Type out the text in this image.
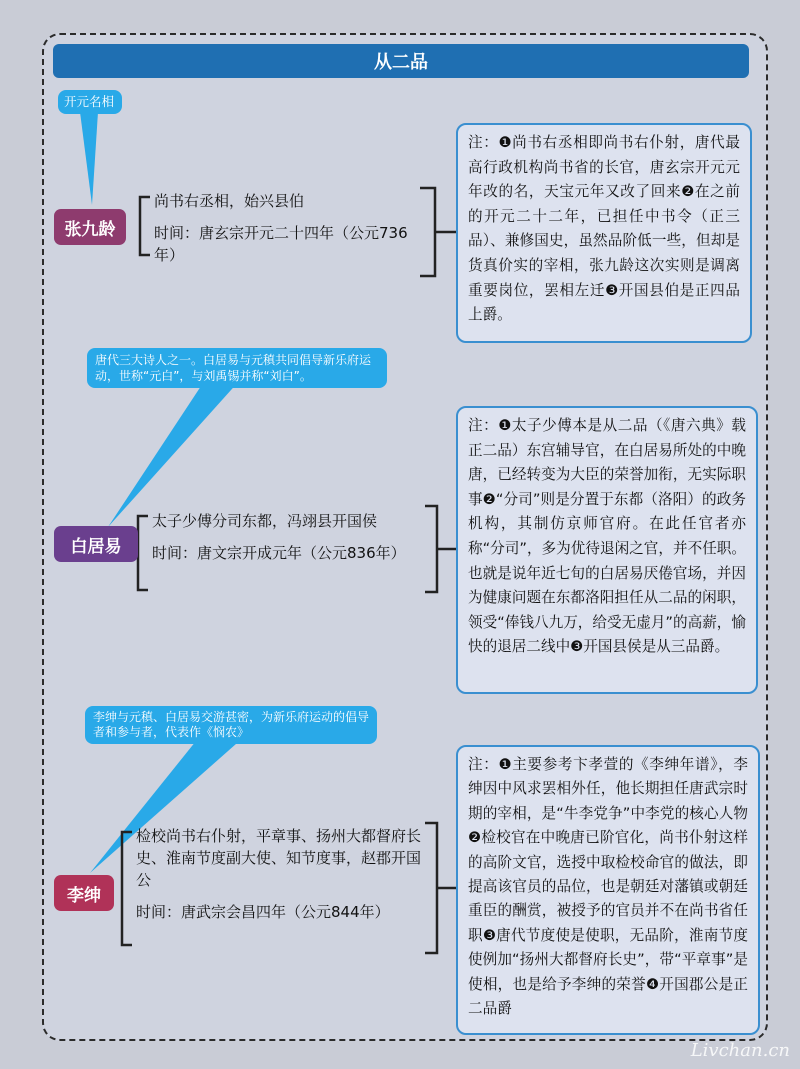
从二品
开元名相
张九龄
尚书右丞相，始兴县伯
时间：唐玄宗开元二十四年（公元736年）
注：❶尚书右丞相即尚书右仆射，唐代最高行政机构尚书省的长官，唐玄宗开元元年改的名，天宝元年又改了回来❷在之前的开元二十二年，已担任中书令（正三品）、兼修国史，虽然品阶低一些，但却是货真价实的宰相，张九龄这次实则是调离重要岗位，罢相左迁❸开国县伯是正四品上爵。
唐代三大诗人之一。白居易与元稹共同倡导新乐府运动，世称“元白”，与刘禹锡并称“刘白”。
白居易
太子少傅分司东都，冯翊县开国侯
时间：唐文宗开成元年（公元836年）
注：❶太子少傅本是从二品（《唐六典》载正二品）东宫辅导官，在白居易所处的中晚唐，已经转变为大臣的荣誉加衔，无实际职事❷“分司”则是分置于东都（洛阳）的政务机构，其制仿京师官府。在此任官者亦称“分司”，多为优待退闲之官，并不任职。也就是说年近七旬的白居易厌倦官场，并因为健康问题在东都洛阳担任从二品的闲职，领受“俸钱八九万，给受无虚月”的高薪，愉快的退居二线中❸开国县侯是从三品爵。
李绅与元稹、白居易交游甚密，为新乐府运动的倡导者和参与者，代表作《悯农》
李绅
检校尚书右仆射，平章事、扬州大都督府长史、淮南节度副大使、知节度事，赵郡开国公
时间：唐武宗会昌四年（公元844年）
注：❶主要参考卞孝萱的《李绅年谱》，李绅因中风求罢相外任，他长期担任唐武宗时期的宰相，是“牛李党争”中李党的核心人物❷检校官在中晚唐已阶官化，尚书仆射这样的高阶文官，选授中取检校命官的做法，即提高该官员的品位，也是朝廷对藩镇或朝廷重臣的酬赏，被授予的官员并不在尚书省任职❸唐代节度使是使职，无品阶，淮南节度使例加“扬州大都督府长史”，带“平章事”是使相，也是给予李绅的荣誉❹开国郡公是正二品爵
Livchan.cn
